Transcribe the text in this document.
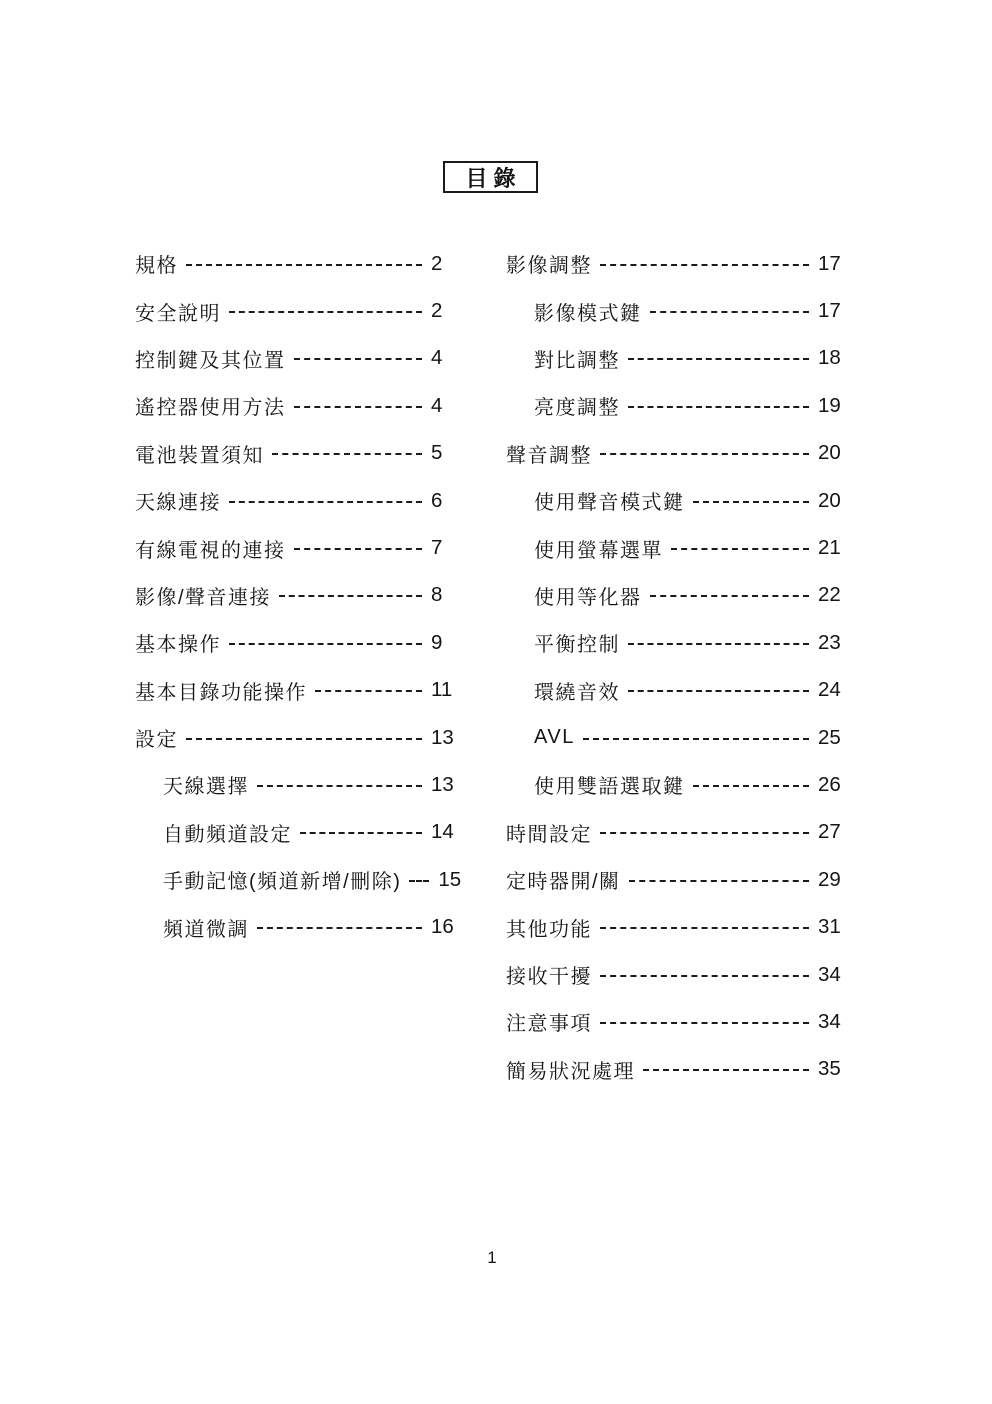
目錄
規格	2
安全說明	2
控制鍵及其位置	4
遙控器使用方法	4
電池裝置須知	5
天線連接	6
有線電視的連接	7
影像/聲音連接	8
基本操作	9
基本目錄功能操作	11
設定	13
天線選擇	13
自動頻道設定	14
手動記憶(頻道新增/刪除) 15
頻道微調	16
影像調整	17
影像模式鍵	17
對比調整	18
亮度調整	19
聲音調整	20
使用聲音模式鍵	20
使用螢幕選單	21
使用等化器	22
平衡控制	23
環繞音效	24
AVL	25
使用雙語選取鍵	26
時間設定	27
定時器開/關	29
其他功能	31
接收干擾	34
注意事項	34
簡易狀況處理	35
1
